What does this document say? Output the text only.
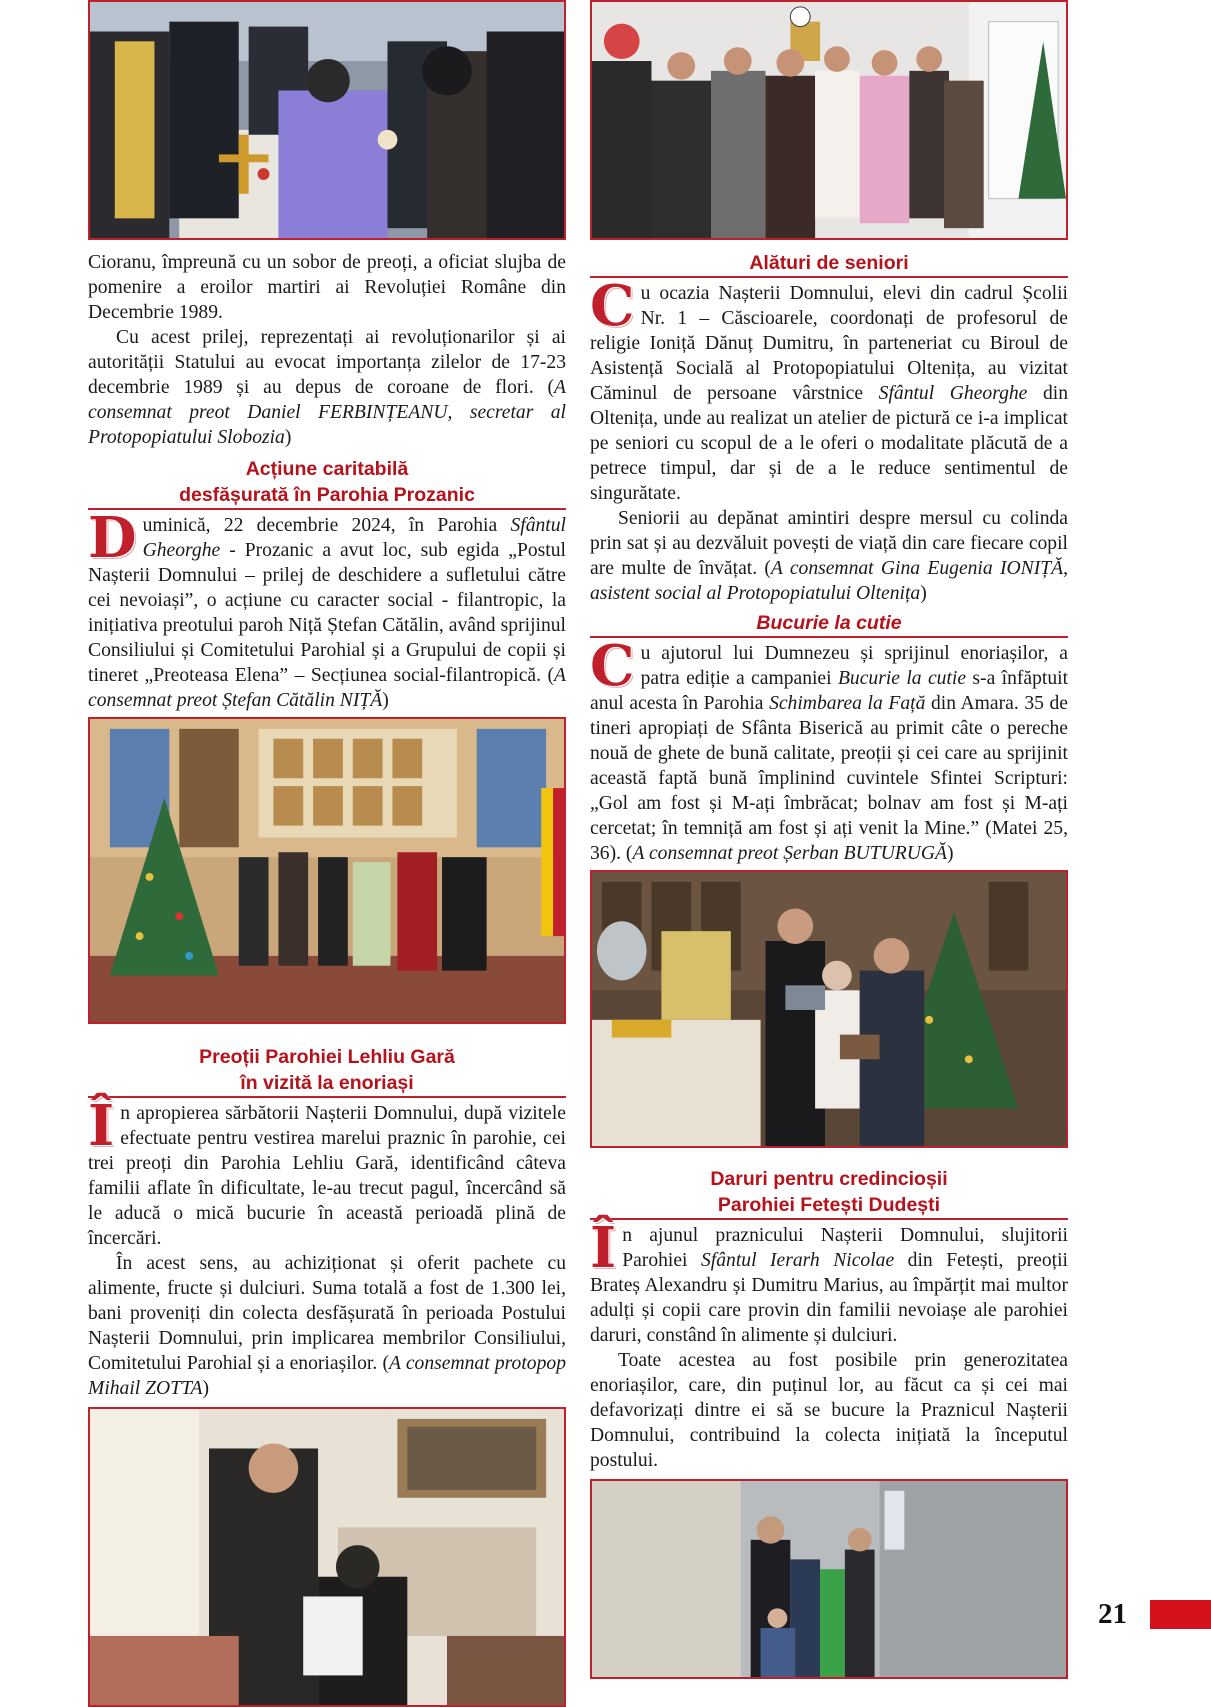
Cioranu, împreună cu un sobor de preoți, a oficiat slujba de pomenire a eroilor martiri ai Revoluției Române din Decembrie 1989.

Cu acest prilej, reprezentați ai revoluționarilor și ai autorității Statului au evocat importanța zilelor de 17-23 decembrie 1989 și au depus de coroane de flori. (A consemnat preot Daniel FERBINȚEANU, secretar al Protopopiatului Slobozia)

Acțiune caritabilă
desfășurată în Parohia Prozanic

Duminică, 22 decembrie 2024, în Parohia Sfântul Gheorghe - Prozanic a avut loc, sub egida „Postul Nașterii Domnului – prilej de deschidere a sufletului către cei nevoiași”, o acțiune cu caracter social - filantropic, la inițiativa preotului paroh Niță Ștefan Cătălin, având sprijinul Consiliului și Comitetului Parohial și a Grupului de copii și tineret „Preoteasa Elena” – Secțiunea social-filantropică. (A consemnat preot Ștefan Cătălin NIȚĂ)

Preoții Parohiei Lehliu Gară
în vizită la enoriași

În apropierea sărbătorii Nașterii Domnului, după vizitele efectuate pentru vestirea marelui praznic în parohie, cei trei preoți din Parohia Lehliu Gară, identificând câteva familii aflate în dificultate, le-au trecut pagul, încercând să le aducă o mică bucurie în această perioadă plină de încercări.

În acest sens, au achiziționat și oferit pachete cu alimente, fructe și dulciuri. Suma totală a fost de 1.300 lei, bani proveniți din colecta desfășurată în perioada Postului Nașterii Domnului, prin implicarea membrilor Consiliului, Comitetului Parohial și a enoriașilor. (A consemnat protopop Mihail ZOTTA)

Alături de seniori

Cu ocazia Nașterii Domnului, elevi din cadrul Școlii Nr. 1 – Căscioarele, coordonați de profesorul de religie Ioniță Dănuț Dumitru, în parteneriat cu Biroul de Asistență Socială al Protopopiatului Oltenița, au vizitat Căminul de persoane vârstnice Sfântul Gheorghe din Oltenița, unde au realizat un atelier de pictură ce i-a implicat pe seniori cu scopul de a le oferi o modalitate plăcută de a petrece timpul, dar și de a le reduce sentimentul de singurătate.

Seniorii au depănat amintiri despre mersul cu colinda prin sat și au dezvăluit povești de viață din care fiecare copil are multe de învățat. (A consemnat Gina Eugenia IONIȚĂ, asistent social al Protopopiatului Oltenița)

Bucurie la cutie

Cu ajutorul lui Dumnezeu și sprijinul enoriașilor, a patra ediție a campaniei Bucurie la cutie s-a înfăptuit anul acesta în Parohia Schimbarea la Față din Amara. 35 de tineri apropiați de Sfânta Biserică au primit câte o pereche nouă de ghete de bună calitate, preoții și cei care au sprijinit această faptă bună împlinind cuvintele Sfintei Scripturi: „Gol am fost și M-ați îmbrăcat; bolnav am fost și M-ați cercetat; în temniță am fost și ați venit la Mine.” (Matei 25, 36). (A consemnat preot Șerban BUTURUGĂ)

Daruri pentru credincioșii
Parohiei Fetești Dudești

În ajunul praznicului Nașterii Domnului, slujitorii Parohiei Sfântul Ierarh Nicolae din Fetești, preoții Brateș Alexandru și Dumitru Marius, au împărțit mai multor adulți și copii care provin din familii nevoiașe ale parohiei daruri, constând în alimente și dulciuri.

Toate acestea au fost posibile prin generozitatea enoriașilor, care, din puținul lor, au făcut ca și cei mai defavorizați dintre ei să se bucure la Praznicul Nașterii Domnului, contribuind la colecta inițiată la începutul postului.

21
